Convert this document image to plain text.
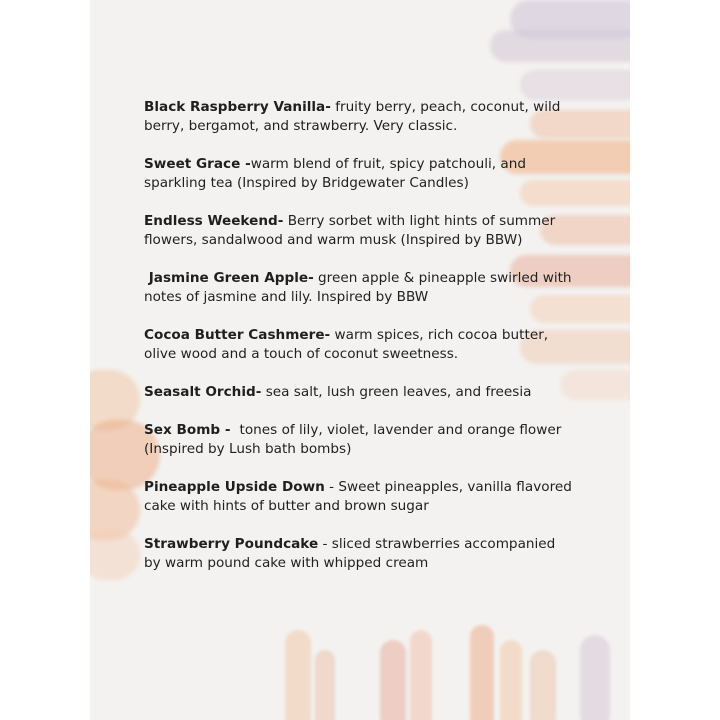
Black Raspberry Vanilla- fruity berry, peach, coconut, wild berry, bergamot, and strawberry. Very classic.

Sweet Grace -warm blend of fruit, spicy patchouli, and sparkling tea (Inspired by Bridgewater Candles)

Endless Weekend- Berry sorbet with light hints of summer flowers, sandalwood and warm musk (Inspired by BBW)

Jasmine Green Apple- green apple & pineapple swirled with notes of jasmine and lily. Inspired by BBW

Cocoa Butter Cashmere- warm spices, rich cocoa butter, olive wood and a touch of coconut sweetness.

Seasalt Orchid- sea salt, lush green leaves, and freesia

Sex Bomb -  tones of lily, violet, lavender and orange flower (Inspired by Lush bath bombs)

Pineapple Upside Down - Sweet pineapples, vanilla flavored cake with hints of butter and brown sugar

Strawberry Poundcake - sliced strawberries accompanied by warm pound cake with whipped cream
